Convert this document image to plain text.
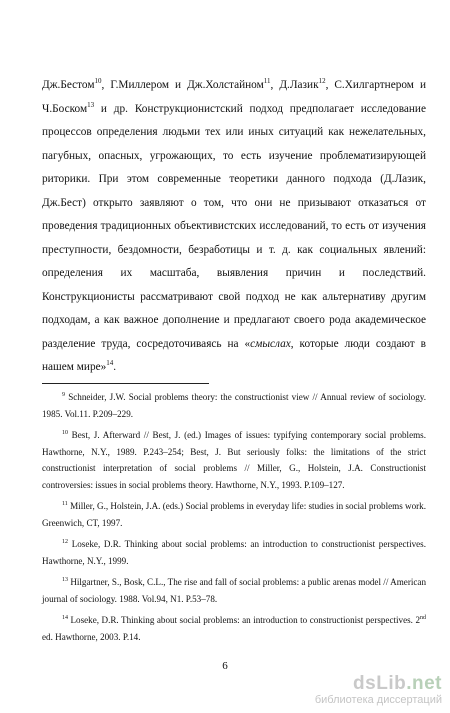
Дж.Бестом$^{10}$, Г.Миллером и Дж.Холстайном$^{11}$, Д.Лазик$^{12}$, С.Хилгартнером и Ч.Боском$^{13}$ и др. Конструкционистский подход предполагает исследование процессов определения людьми тех или иных ситуаций как нежелательных, пагубных, опасных, угрожающих, то есть изучение проблематизирующей риторики. При этом современные теоретики данного подхода (Д.Лазик, Дж.Бест) открыто заявляют о том, что они не призывают отказаться от проведения традиционных объективистских исследований, то есть от изучения преступности, бездомности, безработицы и т. д. как социальных явлений: определения их масштаба, выявления причин и последствий. Конструкционисты рассматривают свой подход не как альтернативу другим подходам, а как важное дополнение и предлагают своего рода академическое разделение труда, сосредоточиваясь на «смыслах, которые люди создают в нашем мире»$^{14}$.

$^9$ Schneider, J.W. Social problems theory: the constructionist view // Annual review of sociology. 1985. Vol.11. P.209–229.

$^{10}$ Best, J. Afterward // Best, J. (ed.) Images of issues: typifying contemporary social problems. Hawthorne, N.Y., 1989. P.243–254; Best, J. But seriously folks: the limitations of the strict constructionist interpretation of social problems // Miller, G., Holstein, J.A. Constructionist controversies: issues in social problems theory. Hawthorne, N.Y., 1993. P.109–127.

$^{11}$ Miller, G., Holstein, J.A. (eds.) Social problems in everyday life: studies in social problems work. Greenwich, CT, 1997.

$^{12}$ Loseke, D.R. Thinking about social problems: an introduction to constructionist perspectives. Hawthorne, N.Y., 1999.

$^{13}$ Hilgartner, S., Bosk, C.L., The rise and fall of social problems: a public arenas model // American journal of sociology. 1988. Vol.94, N1. P.53–78.

$^{14}$ Loseke, D.R. Thinking about social problems: an introduction to constructionist perspectives. 2nd ed. Hawthorne, 2003. P.14.

6
dsLib.net
библиотека диссертаций
